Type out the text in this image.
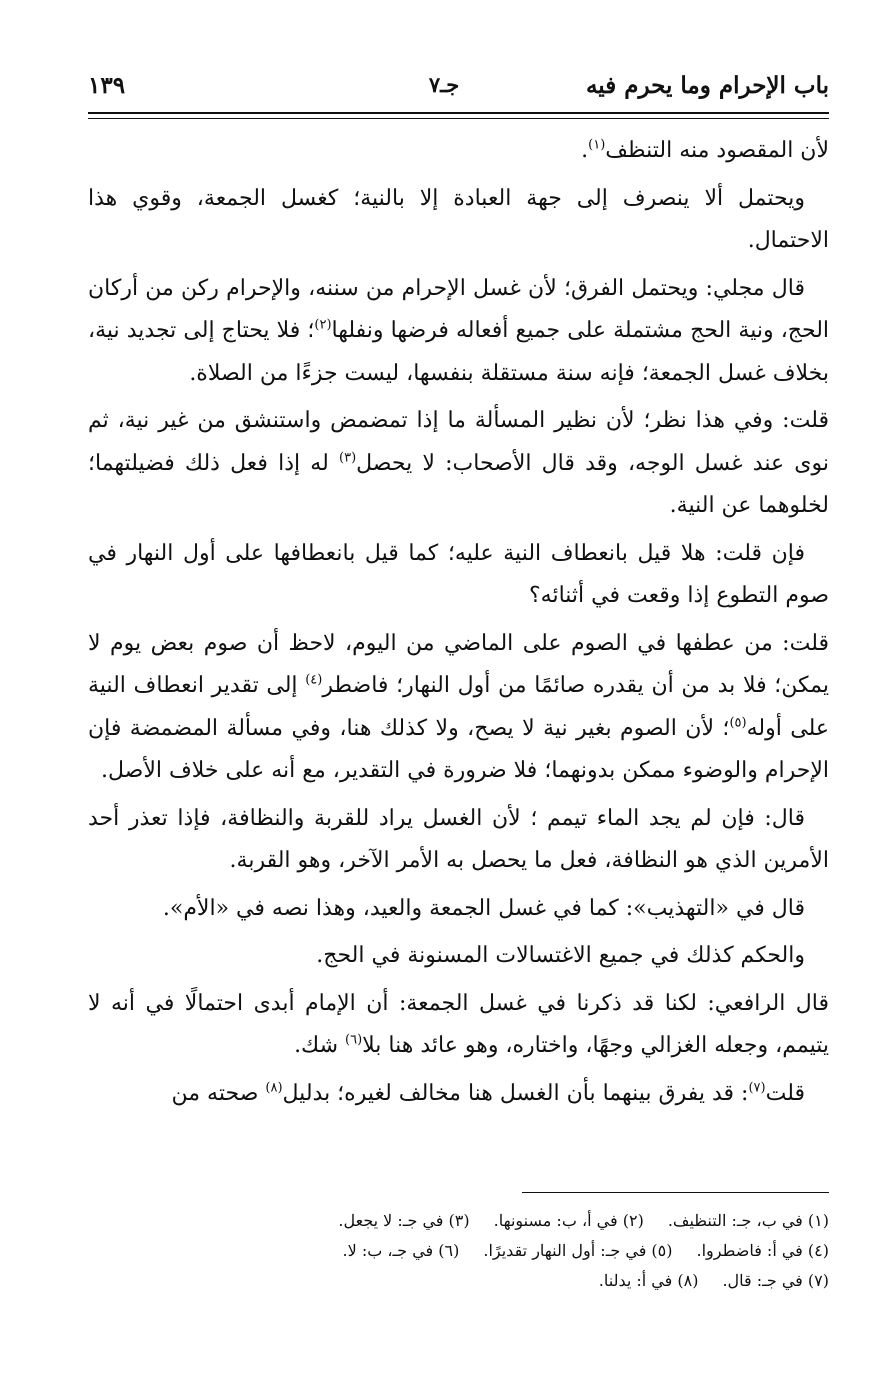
باب الإحرام وما يحرم فيه
جـ٧
١٣٩

لأن المقصود منه التنظف$^{(١)}$.

ويحتمل ألا ينصرف إلى جهة العبادة إلا بالنية؛ كغسل الجمعة، وقوي هذا الاحتمال.

قال مجلي: ويحتمل الفرق؛ لأن غسل الإحرام من سننه، والإحرام ركن من أركان الحج، ونية الحج مشتملة على جميع أفعاله فرضها ونفلها$^{(٢)}$؛ فلا يحتاج إلى تجديد نية، بخلاف غسل الجمعة؛ فإنه سنة مستقلة بنفسها، ليست جزءًا من الصلاة.

قلت: وفي هذا نظر؛ لأن نظير المسألة ما إذا تمضمض واستنشق من غير نية، ثم نوى عند غسل الوجه، وقد قال الأصحاب: لا يحصل$^{(٣)}$ له إذا فعل ذلك فضيلتهما؛ لخلوهما عن النية.

فإن قلت: هلا قيل بانعطاف النية عليه؛ كما قيل بانعطافها على أول النهار في صوم التطوع إذا وقعت في أثنائه؟

قلت: من عطفها في الصوم على الماضي من اليوم، لاحظ أن صوم بعض يوم لا يمكن؛ فلا بد من أن يقدره صائمًا من أول النهار؛ فاضطر$^{(٤)}$ إلى تقدير انعطاف النية على أوله$^{(٥)}$؛ لأن الصوم بغير نية لا يصح، ولا كذلك هنا، وفي مسألة المضمضة فإن الإحرام والوضوء ممكن بدونهما؛ فلا ضرورة في التقدير، مع أنه على خلاف الأصل.

قال: فإن لم يجد الماء تيمم ؛ لأن الغسل يراد للقربة والنظافة، فإذا تعذر أحد الأمرين الذي هو النظافة، فعل ما يحصل به الأمر الآخر، وهو القربة.

قال في «التهذيب»: كما في غسل الجمعة والعيد، وهذا نصه في «الأم».

والحكم كذلك في جميع الاغتسالات المسنونة في الحج.

قال الرافعي: لكنا قد ذكرنا في غسل الجمعة: أن الإمام أبدى احتمالًا في أنه لا يتيمم، وجعله الغزالي وجهًا، واختاره، وهو عائد هنا بلا$^{(٦)}$ شك.

قلت$^{(٧)}$: قد يفرق بينهما بأن الغسل هنا مخالف لغيره؛ بدليل$^{(٨)}$ صحته من

(١) في ب، جـ: التنظيف.(٢) في أ، ب: مسنونها.(٣) في جـ: لا يجعل.
(٤) في أ: فاضطروا.(٥) في جـ: أول النهار تقديرًا.(٦) في جـ، ب: لا.
(٧) في جـ: قال.(٨) في أ: يدلنا.
